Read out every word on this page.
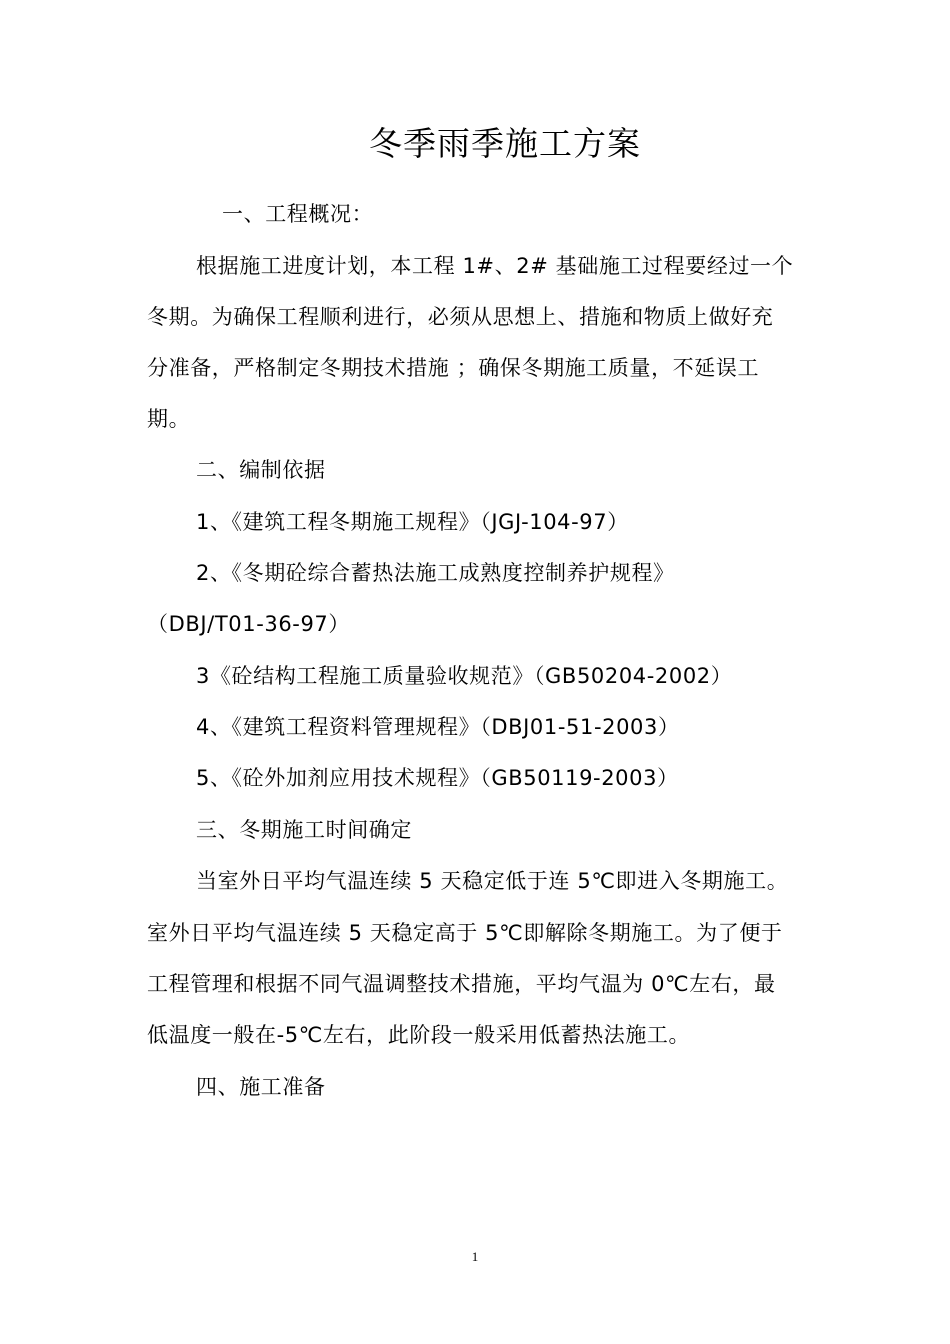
冬季雨季施工方案
一、工程概况：
根据施工进度计划，本工程 1#、2# 基础施工过程要经过一个
冬期。为确保工程顺利进行，必须从思想上、措施和物质上做好充
分准备，严格制定冬期技术措施 ；确保冬期施工质量，不延误工
期。
二、编制依据
1、《建筑工程冬期施工规程》（JGJ-104-97）
2、《冬期砼综合蓄热法施工成熟度控制养护规程》
（DBJ/T01-36-97）
3《砼结构工程施工质量验收规范》（GB50204-2002）
4、《建筑工程资料管理规程》（DBJ01-51-2003）
5、《砼外加剂应用技术规程》（GB50119-2003）
三、冬期施工时间确定
当室外日平均气温连续 5 天稳定低于连 5℃即进入冬期施工。
室外日平均气温连续 5 天稳定高于 5℃即解除冬期施工。为了便于
工程管理和根据不同气温调整技术措施，平均气温为 0℃左右，最
低温度一般在-5℃左右，此阶段一般采用低蓄热法施工。
四、施工准备
1
